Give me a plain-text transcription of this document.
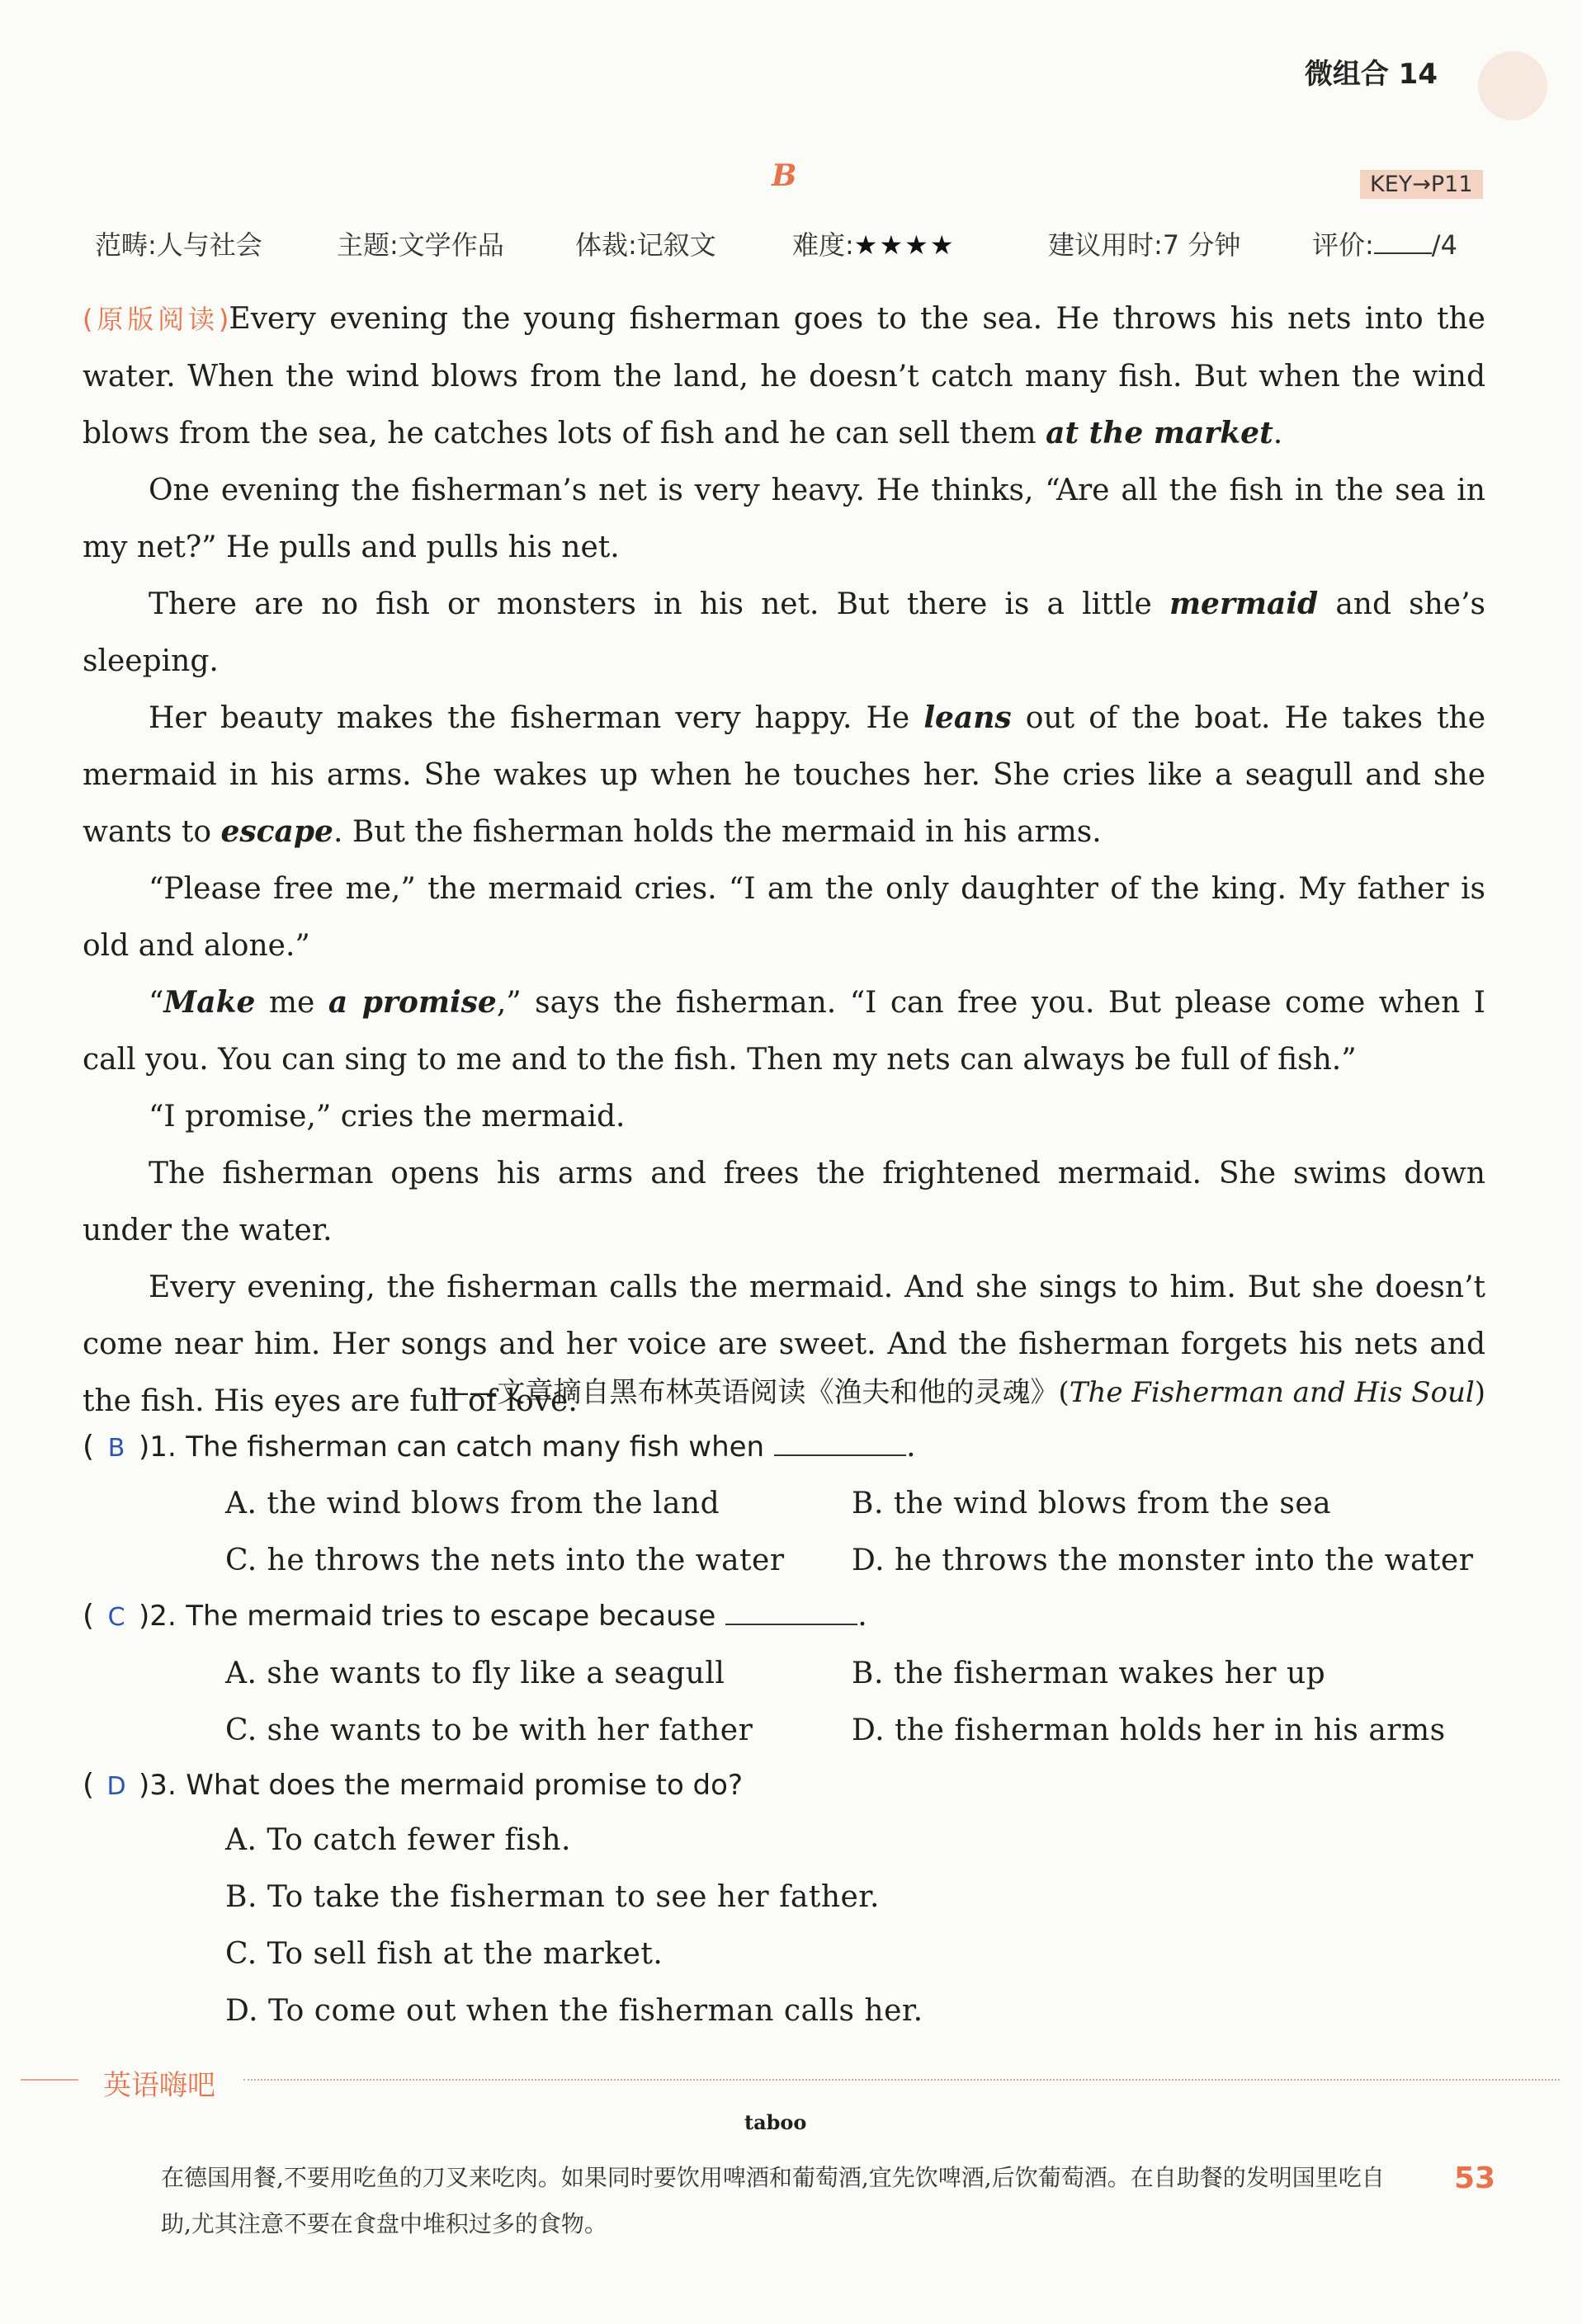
微组合 14
B	KEY→P11
范畴:人与社会	主题:文学作品	体裁:记叙文	难度:★★★★	建议用时:7 分钟	评价: /4

(原版阅读)Every evening the young fisherman goes to the sea. He throws his nets into the water. When the wind blows from the land, he doesn’t catch many fish. But when the wind blows from the sea, he catches lots of fish and he can sell them at the market.

One evening the fisherman’s net is very heavy. He thinks, “Are all the fish in the sea in my net?” He pulls and pulls his net.

There are no fish or monsters in his net. But there is a little mermaid and she’s sleeping.

Her beauty makes the fisherman very happy. He leans out of the boat. He takes the mermaid in his arms. She wakes up when he touches her. She cries like a seagull and she wants to escape. But the fisherman holds the mermaid in his arms.

“Please free me,” the mermaid cries. “I am the only daughter of the king. My father is old and alone.”

“Make me a promise,” says the fisherman. “I can free you. But please come when I call you. You can sing to me and to the fish. Then my nets can always be full of fish.”

“I promise,” cries the mermaid.

The fisherman opens his arms and frees the frightened mermaid. She swims down under the water.

Every evening, the fisherman calls the mermaid. And she sings to him. But she doesn’t come near him. Her songs and her voice are sweet. And the fisherman forgets his nets and the fish. His eyes are full of love.

——文章摘自黑布林英语阅读《渔夫和他的灵魂》(The Fisherman and His Soul)
( B )1. The fisherman can catch many fish when	.
A. the wind blows from the land	B. the wind blows from the sea
C. he throws the nets into the water D. he throws the monster into the water
( C )2. The mermaid tries to escape because	.
A. she wants to fly like a seagull	B. the fisherman wakes her up
C. she wants to be with her father	D. the fisherman holds her in his arms
( D )3. What does the mermaid promise to do?
A. To catch fewer fish.
B. To take the fisherman to see her father.
C. To sell fish at the market.
D. To come out when the fisherman calls her.
英语嗨吧
taboo
在德国用餐,不要用吃鱼的刀叉来吃肉。如果同时要饮用啤酒和葡萄酒,宜先饮啤酒,后饮葡萄酒。在自助餐的发明国里吃自助,尤其注意不要在食盘中堆积过多的食物。
53
